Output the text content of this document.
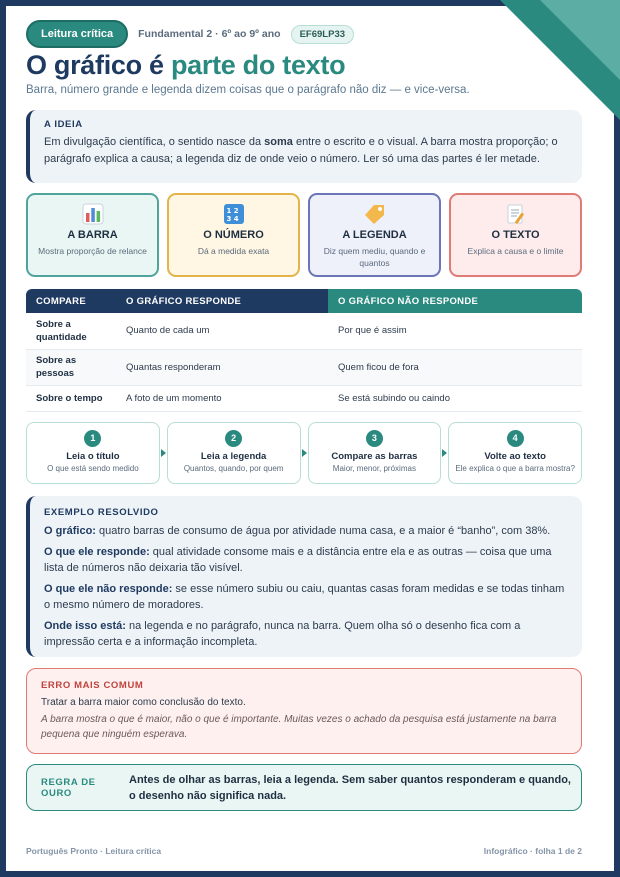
Leitura crítica	Fundamental 2 · 6º ao 9º ano	EF69LP33
O gráfico é parte do texto
Barra, número grande e legenda dizem coisas que o parágrafo não diz — e vice-versa.
A IDEIA

Em divulgação científica, o sentido nasce da soma entre o escrito e o visual. A barra mostra proporção; o parágrafo explica a causa; a legenda diz de onde veio o número. Ler só uma das partes é ler metade.

A BARRA
Mostra proporção de relance
1 2
3 4
O NÚMERO
Dá a medida exata
A LEGENDA
Diz quem mediu, quando e quantos
O TEXTO
Explica a causa e o limite
COMPARE	O GRÁFICO RESPONDE	O GRÁFICO NÃO RESPONDE
Sobre a quantidade	Quanto de cada um	Por que é assim
Sobre as pessoas	Quantas responderam	Quem ficou de fora
Sobre o tempo	A foto de um momento	Se está subindo ou caindo
1
Leia o título
O que está sendo medido
2
Leia a legenda
Quantos, quando, por quem
3
Compare as barras
Maior, menor, próximas
4
Volte ao texto
Ele explica o que a barra mostra?
EXEMPLO RESOLVIDO

O gráfico: quatro barras de consumo de água por atividade numa casa, e a maior é “banho”, com 38%.

O que ele responde: qual atividade consome mais e a distância entre ela e as outras — coisa que uma lista de números não deixaria tão visível.

O que ele não responde: se esse número subiu ou caiu, quantas casas foram medidas e se todas tinham o mesmo número de moradores.

Onde isso está: na legenda e no parágrafo, nunca na barra. Quem olha só o desenho fica com a impressão certa e a informação incompleta.

ERRO MAIS COMUM
Tratar a barra maior como conclusão do texto.
A barra mostra o que é maior, não o que é importante. Muitas vezes o achado da pesquisa está justamente na barra pequena que ninguém esperava.
REGRA DE OURO
Antes de olhar as barras, leia a legenda. Sem saber quantos responderam e quando, o desenho não significa nada.
Português Pronto · Leitura crítica	Infográfico · folha 1 de 2
